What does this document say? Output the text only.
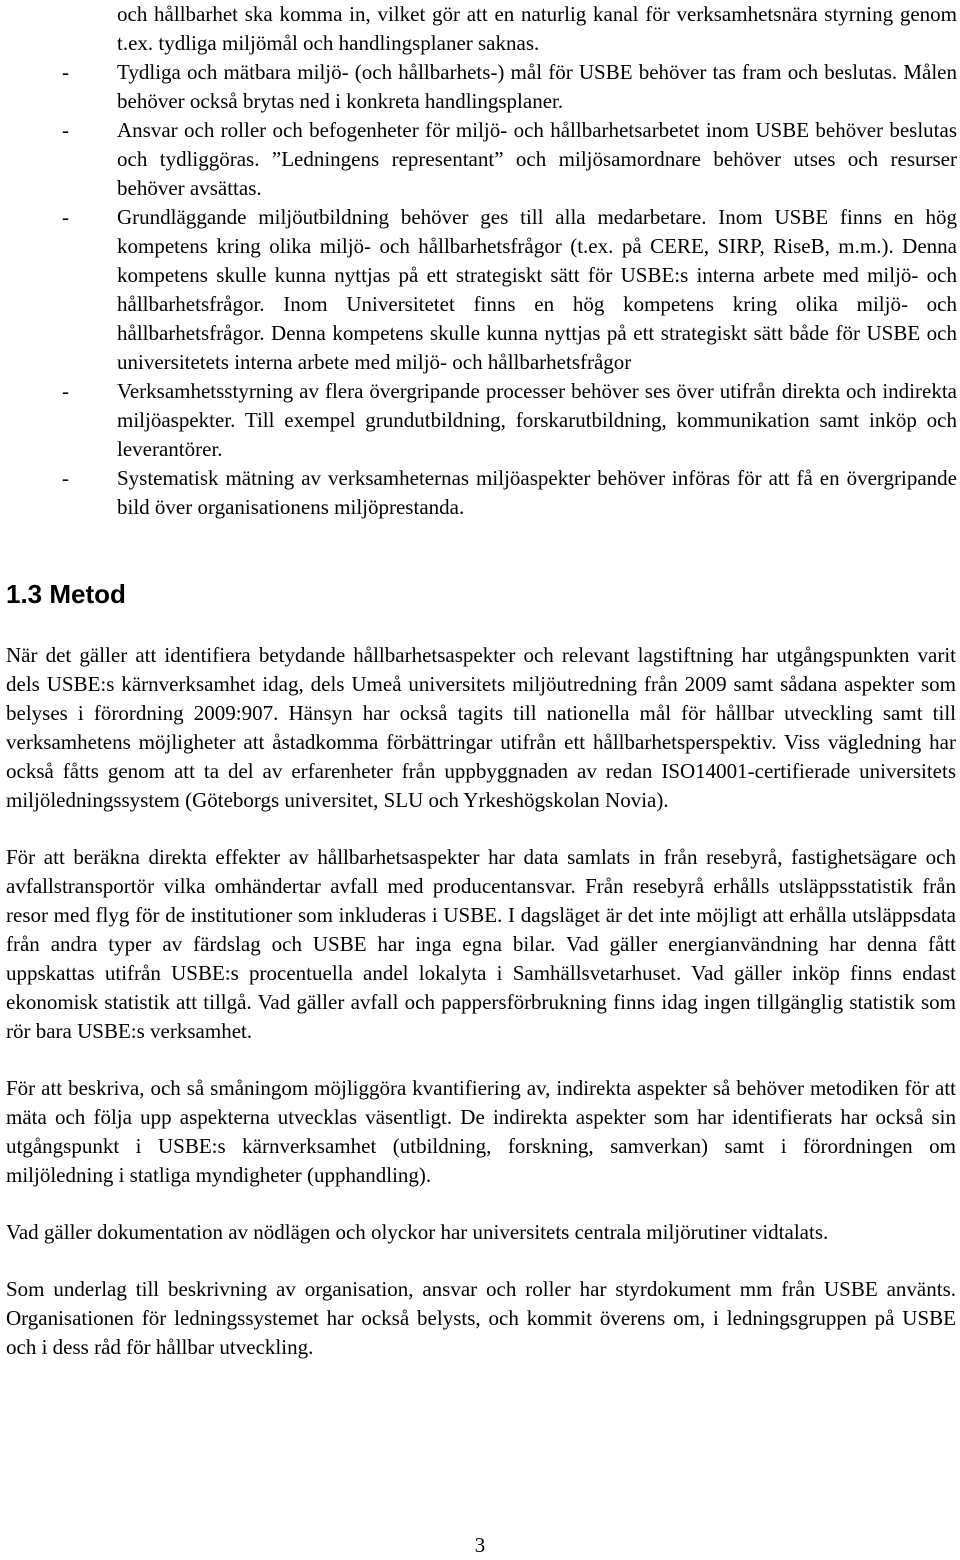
och hållbarhet ska komma in, vilket gör att en naturlig kanal för verksamhetsnära styrning genom t.ex. tydliga miljömål och handlingsplaner saknas.
- Tydliga och mätbara miljö- (och hållbarhets-) mål för USBE behöver tas fram och beslutas. Målen behöver också brytas ned i konkreta handlingsplaner.
- Ansvar och roller och befogenheter för miljö- och hållbarhetsarbetet inom USBE behöver beslutas och tydliggöras. ”Ledningens representant” och miljösamordnare behöver utses och resurser behöver avsättas.
- Grundläggande miljöutbildning behöver ges till alla medarbetare. Inom USBE finns en hög kompetens kring olika miljö- och hållbarhetsfrågor (t.ex. på CERE, SIRP, RiseB, m.m.). Denna kompetens skulle kunna nyttjas på ett strategiskt sätt för USBE:s interna arbete med miljö- och hållbarhetsfrågor. Inom Universitetet finns en hög kompetens kring olika miljö- och hållbarhetsfrågor. Denna kompetens skulle kunna nyttjas på ett strategiskt sätt både för USBE och universitetets interna arbete med miljö- och hållbarhetsfrågor
- Verksamhetsstyrning av flera övergripande processer behöver ses över utifrån direkta och indirekta miljöaspekter. Till exempel grundutbildning, forskarutbildning, kommunikation samt inköp och leverantörer.
- Systematisk mätning av verksamheternas miljöaspekter behöver införas för att få en övergripande bild över organisationens miljöprestanda.
1.3 Metod

När det gäller att identifiera betydande hållbarhetsaspekter och relevant lagstiftning har utgångspunkten varit dels USBE:s kärnverksamhet idag, dels Umeå universitets miljöutredning från 2009 samt sådana aspekter som belyses i förordning 2009:907. Hänsyn har också tagits till nationella mål för hållbar utveckling samt till verksamhetens möjligheter att åstadkomma förbättringar utifrån ett hållbarhetsperspektiv. Viss vägledning har också fåtts genom att ta del av erfarenheter från uppbyggnaden av redan ISO14001-certifierade universitets miljöledningssystem (Göteborgs universitet, SLU och Yrkeshögskolan Novia).

För att beräkna direkta effekter av hållbarhetsaspekter har data samlats in från resebyrå, fastighetsägare och avfallstransportör vilka omhändertar avfall med producentansvar. Från resebyrå erhålls utsläppsstatistik från resor med flyg för de institutioner som inkluderas i USBE. I dagsläget är det inte möjligt att erhålla utsläppsdata från andra typer av färdslag och USBE har inga egna bilar. Vad gäller energianvändning har denna fått uppskattas utifrån USBE:s procentuella andel lokalyta i Samhällsvetarhuset. Vad gäller inköp finns endast ekonomisk statistik att tillgå. Vad gäller avfall och pappersförbrukning finns idag ingen tillgänglig statistik som rör bara USBE:s verksamhet.

För att beskriva, och så småningom möjliggöra kvantifiering av, indirekta aspekter så behöver metodiken för att mäta och följa upp aspekterna utvecklas väsentligt. De indirekta aspekter som har identifierats har också sin utgångspunkt i USBE:s kärnverksamhet (utbildning, forskning, samverkan) samt i förordningen om miljöledning i statliga myndigheter (upphandling).

Vad gäller dokumentation av nödlägen och olyckor har universitets centrala miljörutiner vidtalats.

Som underlag till beskrivning av organisation, ansvar och roller har styrdokument mm från USBE använts. Organisationen för ledningssystemet har också belysts, och kommit överens om, i ledningsgruppen på USBE och i dess råd för hållbar utveckling.

3
